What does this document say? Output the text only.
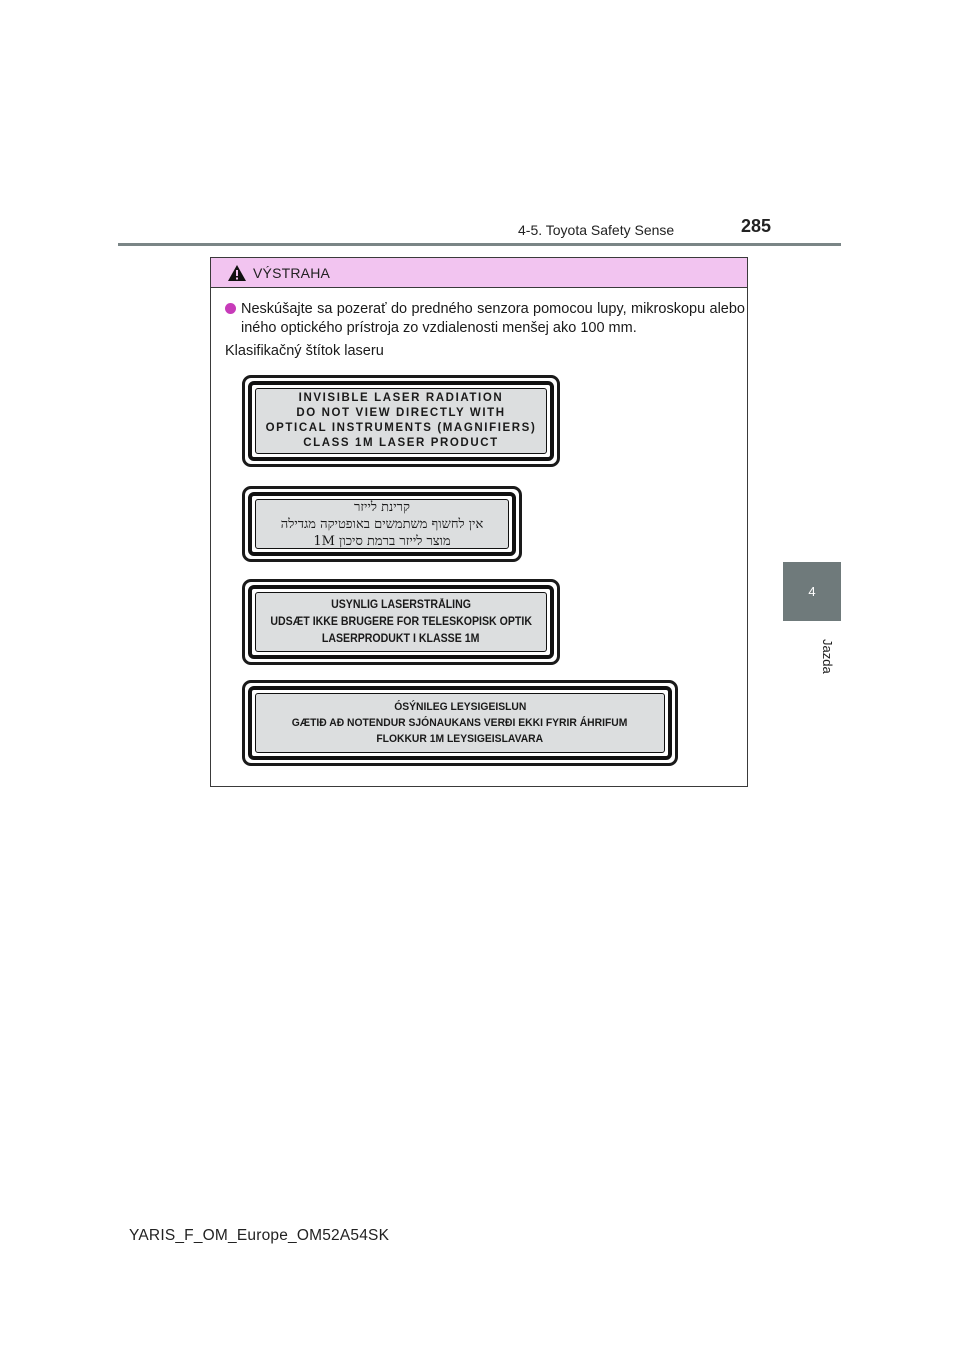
4-5. Toyota Safety Sense	285
4
Jazda
VÝSTRAHA
Neskúšajte sa pozerať do predného senzora pomocou lupy, mikroskopu alebo iného optického prístroja zo vzdialenosti menšej ako 100 mm.
Klasifikačný štítok laseru
INVISIBLE LASER RADIATION
DO NOT VIEW DIRECTLY WITH
OPTICAL INSTRUMENTS (MAGNIFIERS)
CLASS 1M LASER PRODUCT
קרינת לייזר
אין לחשוף משתמשים באופטיקה מגדילה
מוצר לייזר ברמת סיכון 1M
USYNLIG LASERSTRÅLING
UDSÆT IKKE BRUGERE FOR TELESKOPISK OPTIK
LASERPRODUKT I KLASSE 1M
ÓSÝNILEG LEYSIGEISLUN
GÆTIÐ AÐ NOTENDUR SJÓNAUKANS VERÐI EKKI FYRIR ÁHRIFUM
FLOKKUR 1M LEYSIGEISLAVARA
YARIS_F_OM_Europe_OM52A54SK
